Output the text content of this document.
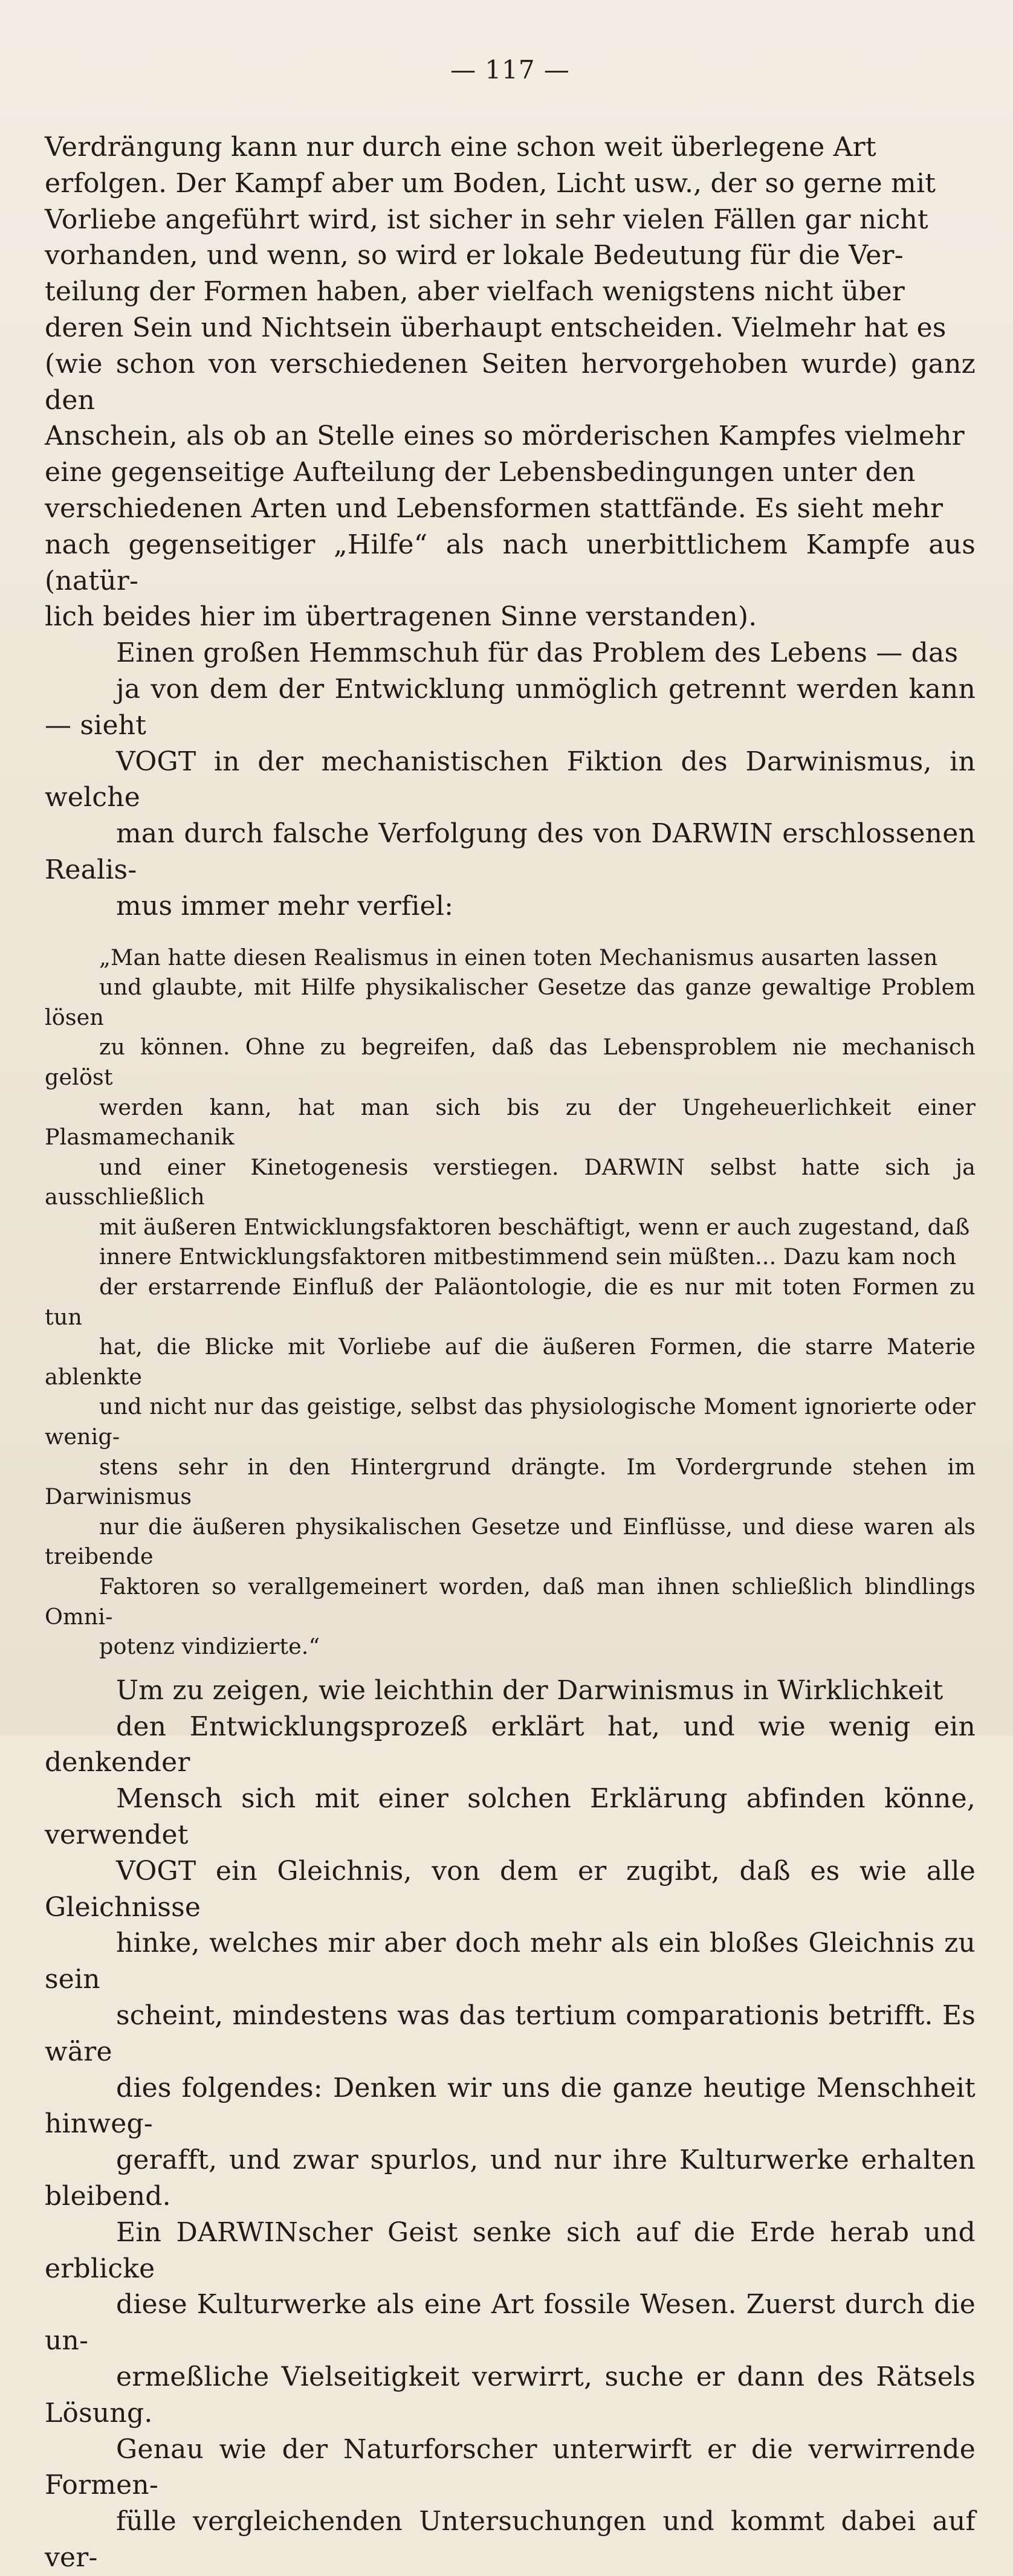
— 117 —

Verdrängung kann nur durch eine schon weit überlegene Art
erfolgen. Der Kampf aber um Boden, Licht usw., der so gerne mit
Vorliebe angeführt wird, ist sicher in sehr vielen Fällen gar nicht
vorhanden, und wenn, so wird er lokale Bedeutung für die Ver-
teilung der Formen haben, aber vielfach wenigstens nicht über
deren Sein und Nichtsein überhaupt entscheiden. Vielmehr hat es
(wie schon von verschiedenen Seiten hervorgehoben wurde) ganz den
Anschein, als ob an Stelle eines so mörderischen Kampfes vielmehr
eine gegenseitige Aufteilung der Lebensbedingungen unter den
verschiedenen Arten und Lebensformen stattfände. Es sieht mehr
nach gegenseitiger „Hilfe“ als nach unerbittlichem Kampfe aus (natür-
lich beides hier im übertragenen Sinne verstanden).

Einen großen Hemmschuh für das Problem des Lebens — das
ja von dem der Entwicklung unmöglich getrennt werden kann — sieht
VOGT in der mechanistischen Fiktion des Darwinismus, in welche
man durch falsche Verfolgung des von DARWIN erschlossenen Realis-
mus immer mehr verfiel:

„Man hatte diesen Realismus in einen toten Mechanismus ausarten lassen
und glaubte, mit Hilfe physikalischer Gesetze das ganze gewaltige Problem lösen
zu können. Ohne zu begreifen, daß das Lebensproblem nie mechanisch gelöst
werden kann, hat man sich bis zu der Ungeheuerlichkeit einer Plasmamechanik
und einer Kinetogenesis verstiegen. DARWIN selbst hatte sich ja ausschließlich
mit äußeren Entwicklungsfaktoren beschäftigt, wenn er auch zugestand, daß
innere Entwicklungsfaktoren mitbestimmend sein müßten... Dazu kam noch
der erstarrende Einfluß der Paläontologie, die es nur mit toten Formen zu tun
hat, die Blicke mit Vorliebe auf die äußeren Formen, die starre Materie ablenkte
und nicht nur das geistige, selbst das physiologische Moment ignorierte oder wenig-
stens sehr in den Hintergrund drängte. Im Vordergrunde stehen im Darwinismus
nur die äußeren physikalischen Gesetze und Einflüsse, und diese waren als treibende
Faktoren so verallgemeinert worden, daß man ihnen schließlich blindlings Omni-
potenz vindizierte.“

Um zu zeigen, wie leichthin der Darwinismus in Wirklichkeit
den Entwicklungsprozeß erklärt hat, und wie wenig ein denkender
Mensch sich mit einer solchen Erklärung abfinden könne, verwendet
VOGT ein Gleichnis, von dem er zugibt, daß es wie alle Gleichnisse
hinke, welches mir aber doch mehr als ein bloßes Gleichnis zu sein
scheint, mindestens was das tertium comparationis betrifft. Es wäre
dies folgendes: Denken wir uns die ganze heutige Menschheit hinweg-
gerafft, und zwar spurlos, und nur ihre Kulturwerke erhalten bleibend.
Ein DARWINscher Geist senke sich auf die Erde herab und erblicke
diese Kulturwerke als eine Art fossile Wesen. Zuerst durch die un-
ermeßliche Vielseitigkeit verwirrt, suche er dann des Rätsels Lösung.
Genau wie der Naturforscher unterwirft er die verwirrende Formen-
fülle vergleichenden Untersuchungen und kommt dabei auf ver-
